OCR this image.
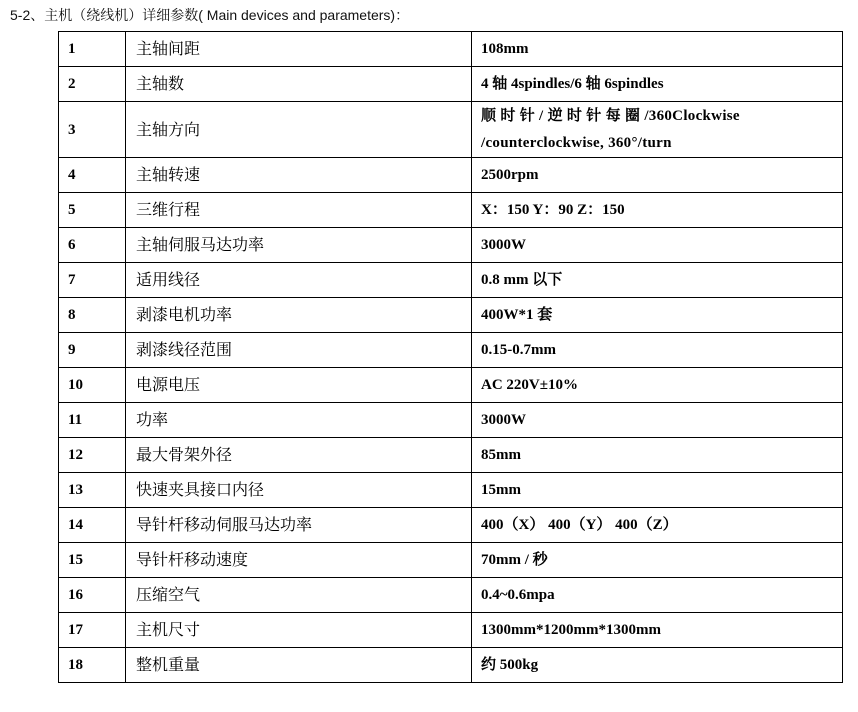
5-2、主机（绕线机）详细参数( Main devices and parameters)：
1	主轴间距	108mm
2	主轴数	4 轴 4spindles/6 轴 6spindles
3	主轴方向	顺 时 针 / 逆 时 针 每 圈 /360Clockwise /counterclockwise, 360°/turn
4	主轴转速	2500rpm
5	三维行程	X：150 Y：90 Z：150
6	主轴伺服马达功率	3000W
7	适用线径	0.8 mm 以下
8	剥漆电机功率	400W*1 套
9	剥漆线径范围	0.15-0.7mm
10	电源电压	AC 220V±10%
11	功率	3000W
12	最大骨架外径	85mm
13	快速夹具接口内径	15mm
14	导针杆移动伺服马达功率	400（X） 400（Y） 400（Z）
15	导针杆移动速度	70mm / 秒
16	压缩空气	0.4~0.6mpa
17	主机尺寸	1300mm*1200mm*1300mm
18	整机重量	约 500kg
